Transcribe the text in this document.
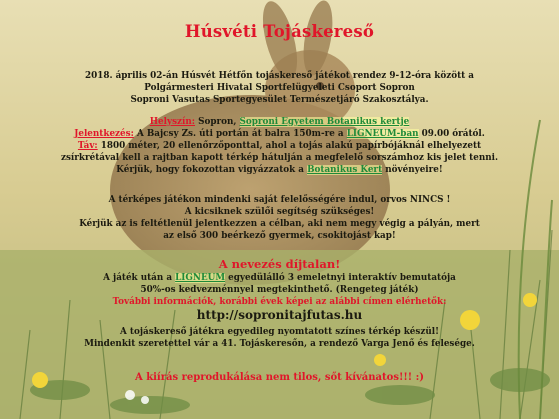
Húsvéti Tojáskereső
2018. április 02-án Húsvét Hétfőn tojáskereső játékot rendez 9-12-óra között a
Polgármesteri Hivatal Sportfelügyeleti Csoport Sopron
Soproni Vasutas Sportegyesület Természetjáró Szakosztálya.
Helyszín: Sopron, Soproni Egyetem Botanikus kertje
Jelentkezés: A Bajcsy Zs. úti portán át balra 150m-re a LIGNEUM-ban 09.00 órától.
Táv: 1800 méter, 20 ellenőrzőponttal, ahol a tojás alakú papírbójáknál elhelyezett
zsírkrétával kell a rajtban kapott térkép hátulján a megfelelő sorszámhoz kis jelet tenni.
Kérjük, hogy fokozottan vigyázzatok a Botanikus Kert növényeire!
A térképes játékon mindenki saját felelősségére indul, orvos NINCS !
A kicsiknek szülői segítség szükséges!
Kérjük az is feltétlenül jelentkezzen a célban, aki nem megy végig a pályán, mert
az első 300 beérkező gyermek, csokitojást kap!
A nevezés díjtalan!
A játék után a LIGNEUM egyedülálló 3 emeletnyi interaktív bemutatója
50%-os kedvezménnyel megtekinthető. (Rengeteg játék)
További információk, korábbi évek képei az alábbi címen elérhetők:
http://sopronitajfutas.hu
A tojáskereső játékra egyedileg nyomtatott színes térkép készül!
Mindenkit szeretettel vár a 41. Tojáskeresőn, a rendező Varga Jenő és felesége.
A kiírás reprodukálása nem tilos, sőt kívánatos!!! :)
